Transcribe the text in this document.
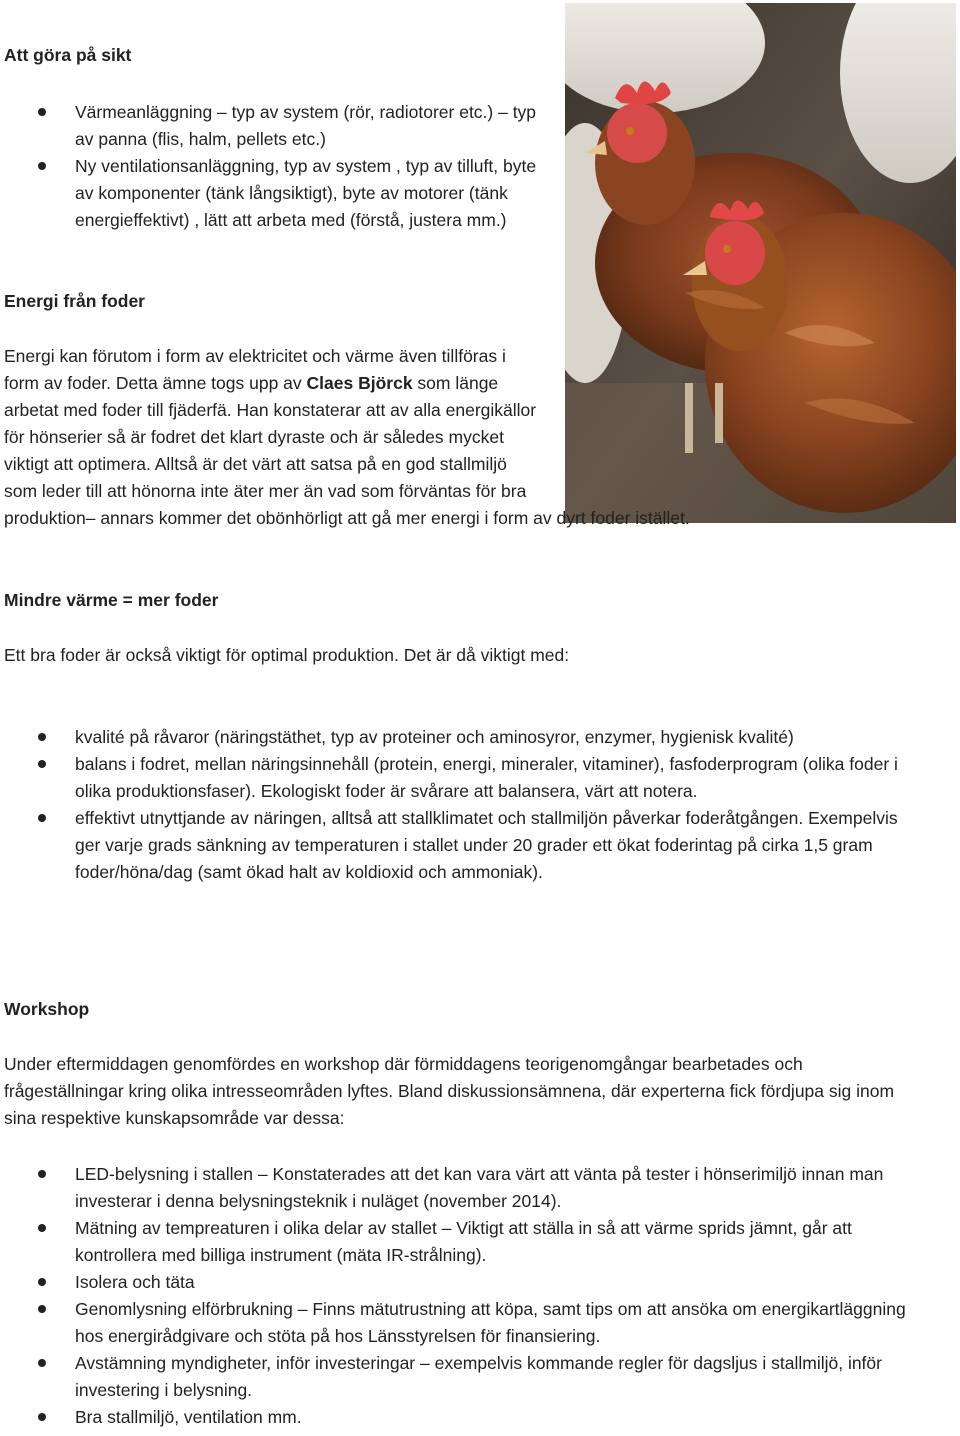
Att göra på sikt

Värmeanläggning – typ av system (rör, radiotorer etc.) – typ av panna (flis, halm, pellets etc.)
Ny ventilationsanläggning, typ av system , typ av tilluft, byte av komponenter (tänk långsiktigt), byte av motorer (tänk energieffektivt) , lätt att arbeta med (förstå, justera mm.)

Energi från foder

Energi kan förutom i form av elektricitet och värme även tillföras i form av foder. Detta ämne togs upp av Claes Björck som länge arbetat med foder till fjäderfä. Han konstaterar att av alla energikällor för hönserier så är fodret det klart dyraste och är således mycket viktigt att optimera. Alltså är det värt att satsa på en god stallmiljö som leder till att hönorna inte äter mer än vad som förväntas för bra produktion– annars kommer det obönhörligt att gå mer energi i form av dyrt foder istället.

Mindre värme = mer foder

Ett bra foder är också viktigt för optimal produktion. Det är då viktigt med:

kvalité på råvaror (näringstäthet, typ av proteiner och aminosyror, enzymer, hygienisk kvalité)
balans i fodret, mellan näringsinnehåll (protein, energi, mineraler, vitaminer), fasfoderprogram (olika foder i olika produktionsfaser). Ekologiskt foder är svårare att balansera, värt att notera.
effektivt utnyttjande av näringen, alltså att stallklimatet och stallmiljön påverkar foderåtgången. Exempelvis ger varje grads sänkning av temperaturen i stallet under 20 grader ett ökat foderintag på cirka 1,5 gram foder/höna/dag (samt ökad halt av koldioxid och ammoniak).

Workshop

Under eftermiddagen genomfördes en workshop där förmiddagens teorigenomgångar bearbetades och frågeställningar kring olika intresseområden lyftes. Bland diskussionsämnena, där experterna fick fördjupa sig inom sina respektive kunskapsområde var dessa:

LED-belysning i stallen – Konstaterades att det kan vara värt att vänta på tester i hönserimiljö innan man investerar i denna belysningsteknik i nuläget (november 2014).
Mätning av tempreaturen i olika delar av stallet – Viktigt att ställa in så att värme sprids jämnt, går att kontrollera med billiga instrument (mäta IR-strålning).
Isolera och täta
Genomlysning elförbrukning – Finns mätutrustning att köpa, samt tips om att ansöka om energikartläggning hos energirådgivare och stöta på hos Länsstyrelsen för finansiering.
Avstämning myndigheter, inför investeringar – exempelvis kommande regler för dagsljus i stallmiljö, inför investering i belysning.
Bra stallmiljö, ventilation mm.
